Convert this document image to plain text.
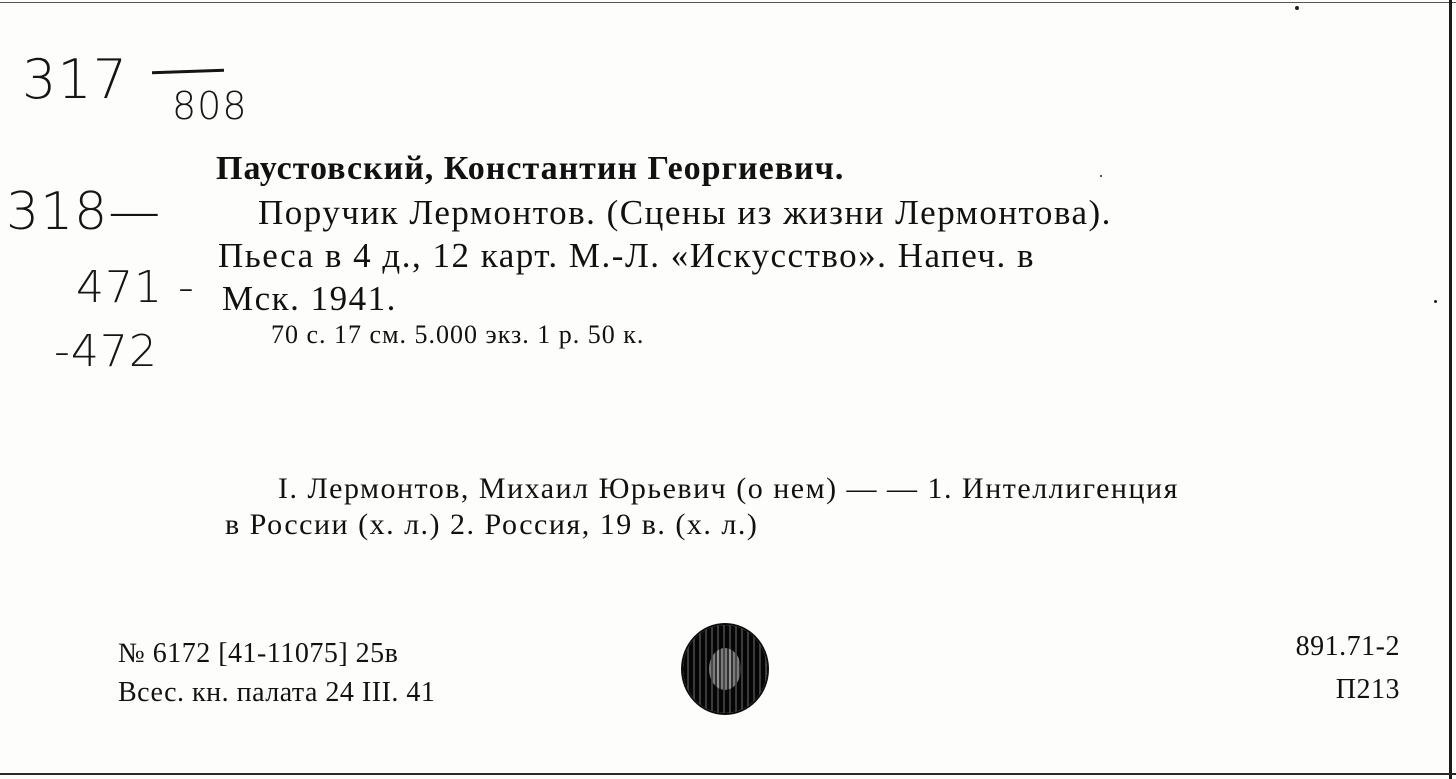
317 808
318—
471 -
-472
Паустовский, Константин Георгиевич.
Поручик Лермонтов. (Сцены из жизни Лермонтова).
Пьеса в 4 д., 12 карт. М.-Л. «Искусство». Напеч. в
Мск. 1941.
70 с. 17 см. 5.000 экз. 1 р. 50 к.
I. Лермонтов, Михаил Юрьевич (о нем) — — 1. Интеллигенция
в России (х. л.) 2. Россия, 19 в. (х. л.)
№ 6172 [41-11075] 25в
Всес. кн. палата 24 III. 41
891.71-2
П213
